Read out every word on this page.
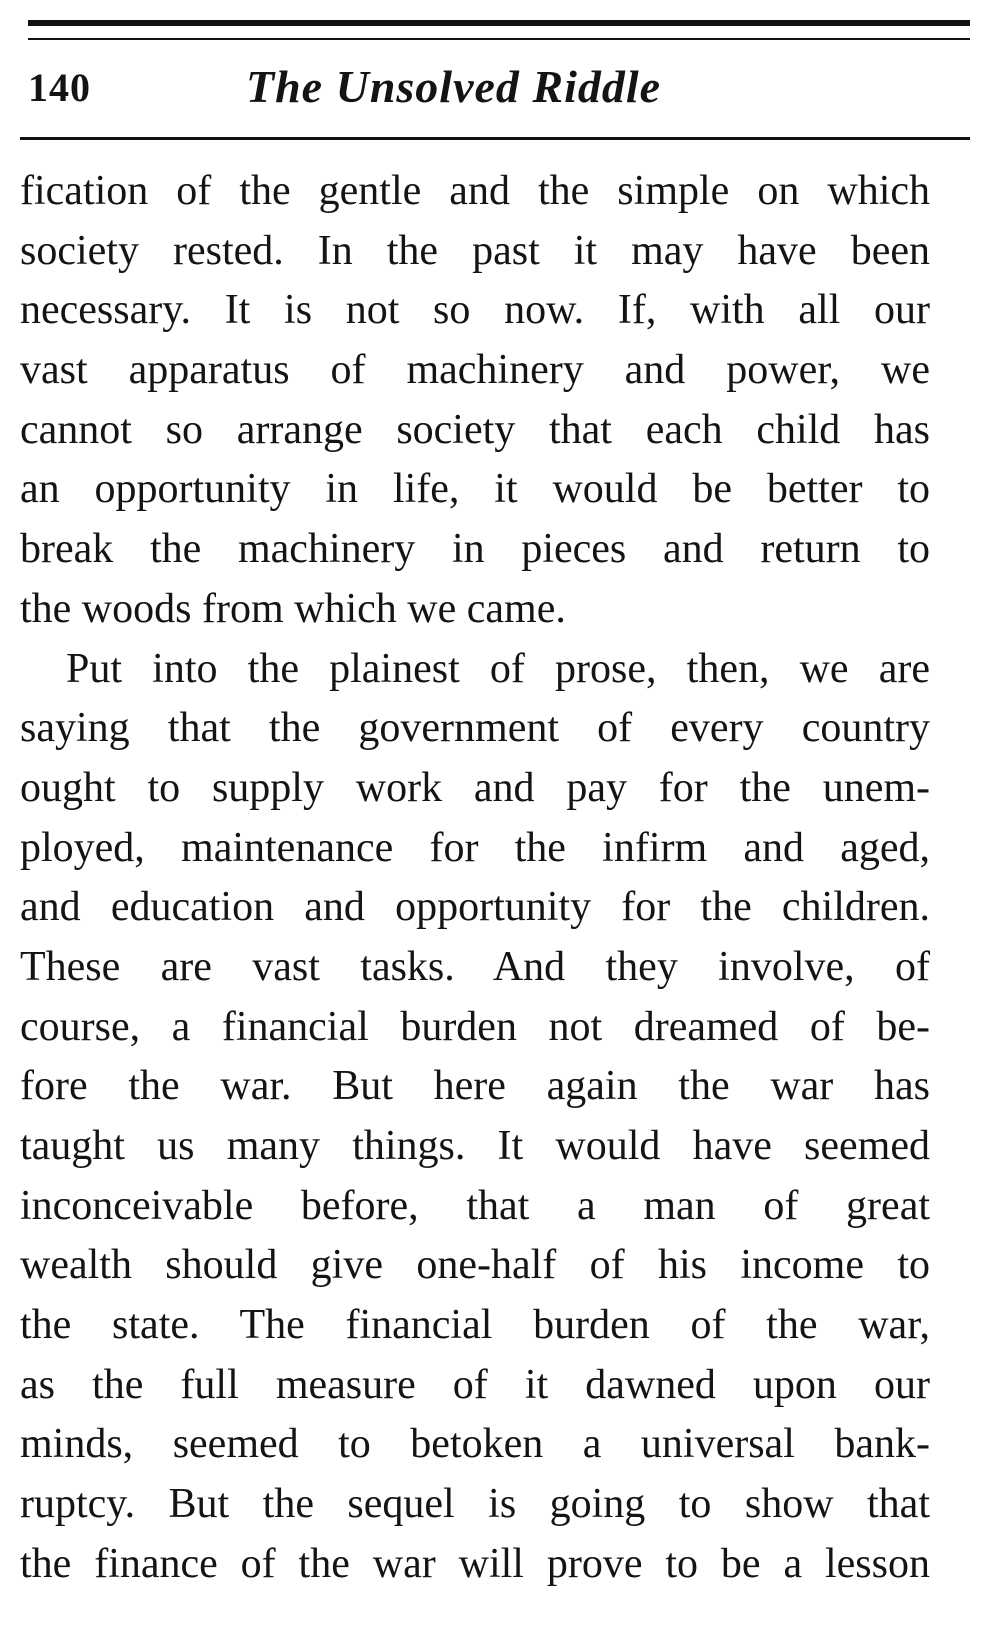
140	The Unsolved Riddle
fication of the gentle and the simple on which
society rested. In the past it may have been
necessary. It is not so now. If, with all our
vast apparatus of machinery and power, we
cannot so arrange society that each child has
an opportunity in life, it would be better to
break the machinery in pieces and return to
the woods from which we came.
Put into the plainest of prose, then, we are
saying that the government of every country
ought to supply work and pay for the unem-
ployed, maintenance for the infirm and aged,
and education and opportunity for the children.
These are vast tasks. And they involve, of
course, a financial burden not dreamed of be-
fore the war. But here again the war has
taught us many things. It would have seemed
inconceivable before, that a man of great
wealth should give one-half of his income to
the state. The financial burden of the war,
as the full measure of it dawned upon our
minds, seemed to betoken a universal bank-
ruptcy. But the sequel is going to show that
the finance of the war will prove to be a lesson
